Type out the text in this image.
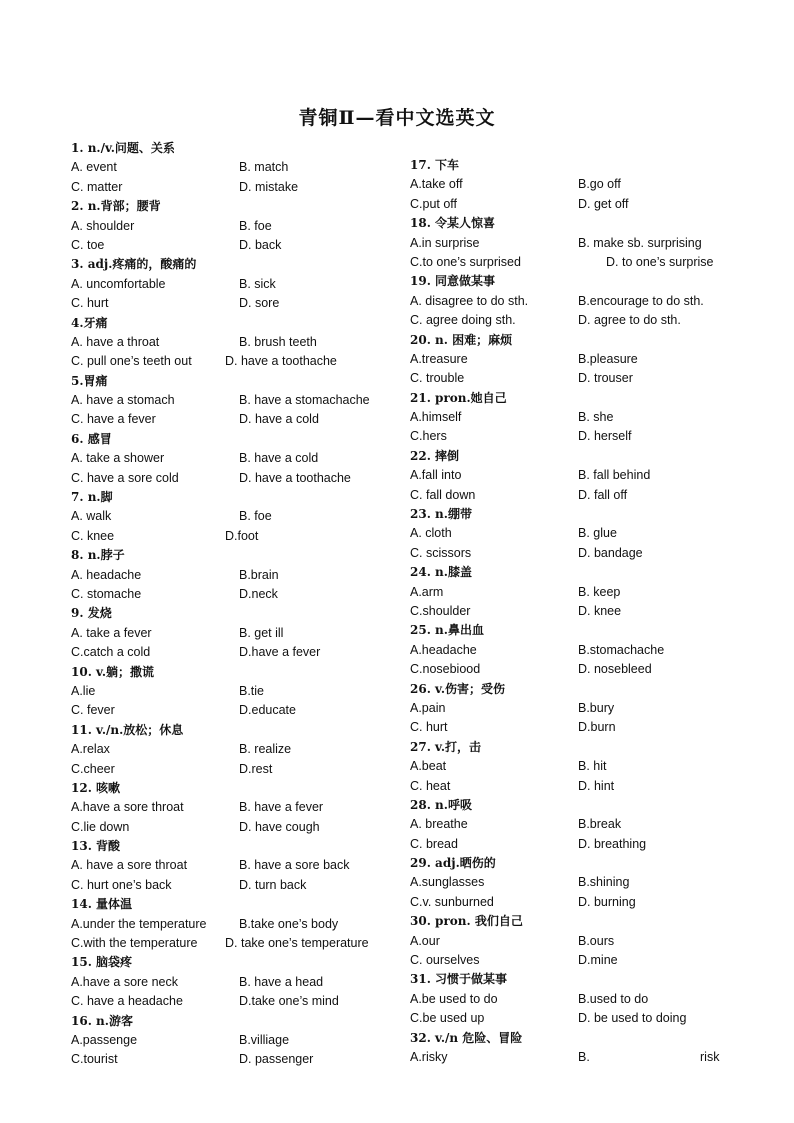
青铜Ⅱ—看中文选英文
1. n./v.问题、关系
A. event	B. match
C. matter	D. mistake
2. n.背部；腰背
A. shoulder	B. foe
C. toe	D. back
3. adj.疼痛的，酸痛的
A. uncomfortable	B. sick
C. hurt	D. sore
4.牙痛
A. have a throat	B. brush teeth
C. pull one’s teeth out	D. have a toothache
5.胃痛
A. have a stomach	B. have a stomachache
C. have a fever	D. have a cold
6. 感冒
A. take a shower	B. have a cold
C. have a sore cold	D. have a toothache
7. n.脚
A. walk	B. foe
C. knee	D.foot
8. n.脖子
A. headache	B.brain
C. stomache	D.neck
9. 发烧
A. take a fever	B. get ill
C.catch a cold	D.have a fever
10. v.躺；撒谎
A.lie	B.tie
C. fever	D.educate
11. v./n.放松；休息
A.relax	B. realize
C.cheer	D.rest
12. 咳嗽
A.have a sore throat	B. have a fever
C.lie down	D. have cough
13. 背酸
A. have a sore throat	B. have a sore back
C. hurt one’s back	D. turn back
14. 量体温
A.under the temperature	B.take one’s body
C.with the temperature D. take one’s temperature
15. 脑袋疼
A.have a sore neck	B. have a head
C. have a headache	D.take one’s mind
16. n.游客
A.passenge	B.villiage
C.tourist	D. passenger
17. 下车
A.take off	B.go off
C.put off	D. get off
18. 令某人惊喜
A.in surprise	B. make sb. surprising
C.to one’s surprised	D. to one’s surprise
19. 同意做某事
A. disagree to do sth.	B.encourage to do sth.
C. agree doing sth.	D. agree to do sth.
20. n. 困难；麻烦
A.treasure	B.pleasure
C. trouble	D. trouser
21. pron.她自己
A.himself	B. she
C.hers	D. herself
22. 摔倒
A.fall into	B. fall behind
C. fall down	D. fall off
23. n.绷带
A. cloth	B. glue
C. scissors	D. bandage
24. n.膝盖
A.arm	B. keep
C.shoulder	D. knee
25. n.鼻出血
A.headache	B.stomachache
C.nosebiood	D. nosebleed
26. v.伤害；受伤
A.pain	B.bury
C. hurt	D.burn
27. v.打，击
A.beat	B. hit
C. heat	D. hint
28. n.呼吸
A. breathe	B.break
C. bread	D. breathing
29. adj.晒伤的
A.sunglasses	B.shining
C.v. sunburned	D. burning
30. pron. 我们自己
A.our	B.ours
C. ourselves	D.mine
31. 习惯于做某事
A.be used to do	B.used to do
C.be used up	D. be used to doing
32. v./n 危险、冒险
A.risky	B.	risk
